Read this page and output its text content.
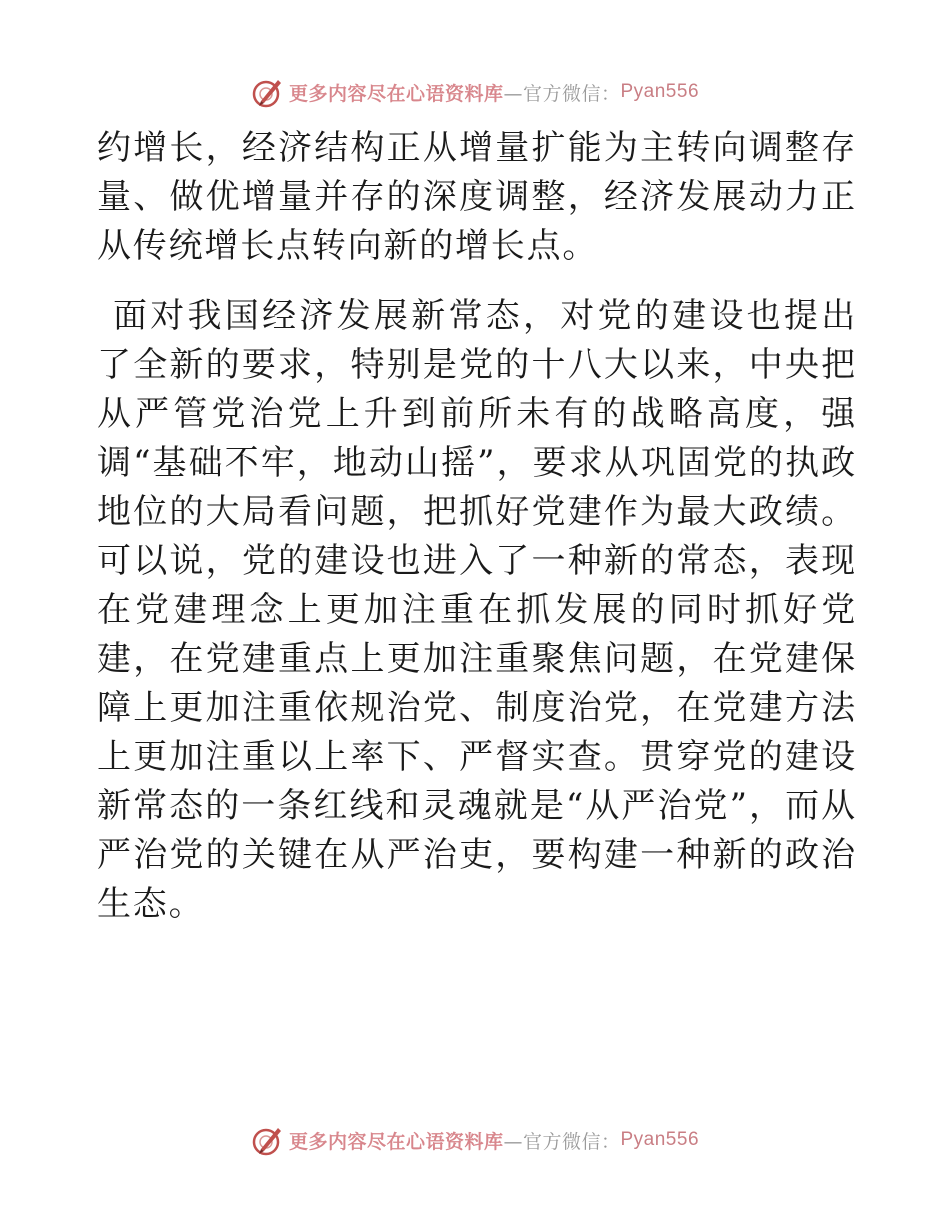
更多内容尽在心语资料库 —官方微信： Pyan556

约增长，经济结构正从增量扩能为主转向调整存量、做优增量并存的深度调整，经济发展动力正从传统增长点转向新的增长点。

面对我国经济发展新常态，对党的建设也提出了全新的要求，特别是党的十八大以来，中央把从严管党治党上升到前所未有的战略高度，强调“基础不牢，地动山摇”，要求从巩固党的执政地位的大局看问题，把抓好党建作为最大政绩。可以说，党的建设也进入了一种新的常态，表现在党建理念上更加注重在抓发展的同时抓好党建，在党建重点上更加注重聚焦问题，在党建保障上更加注重依规治党、制度治党，在党建方法上更加注重以上率下、严督实查。贯穿党的建设新常态的一条红线和灵魂就是“从严治党”，而从严治党的关键在从严治吏，要构建一种新的政治生态。

更多内容尽在心语资料库 —官方微信： Pyan556
